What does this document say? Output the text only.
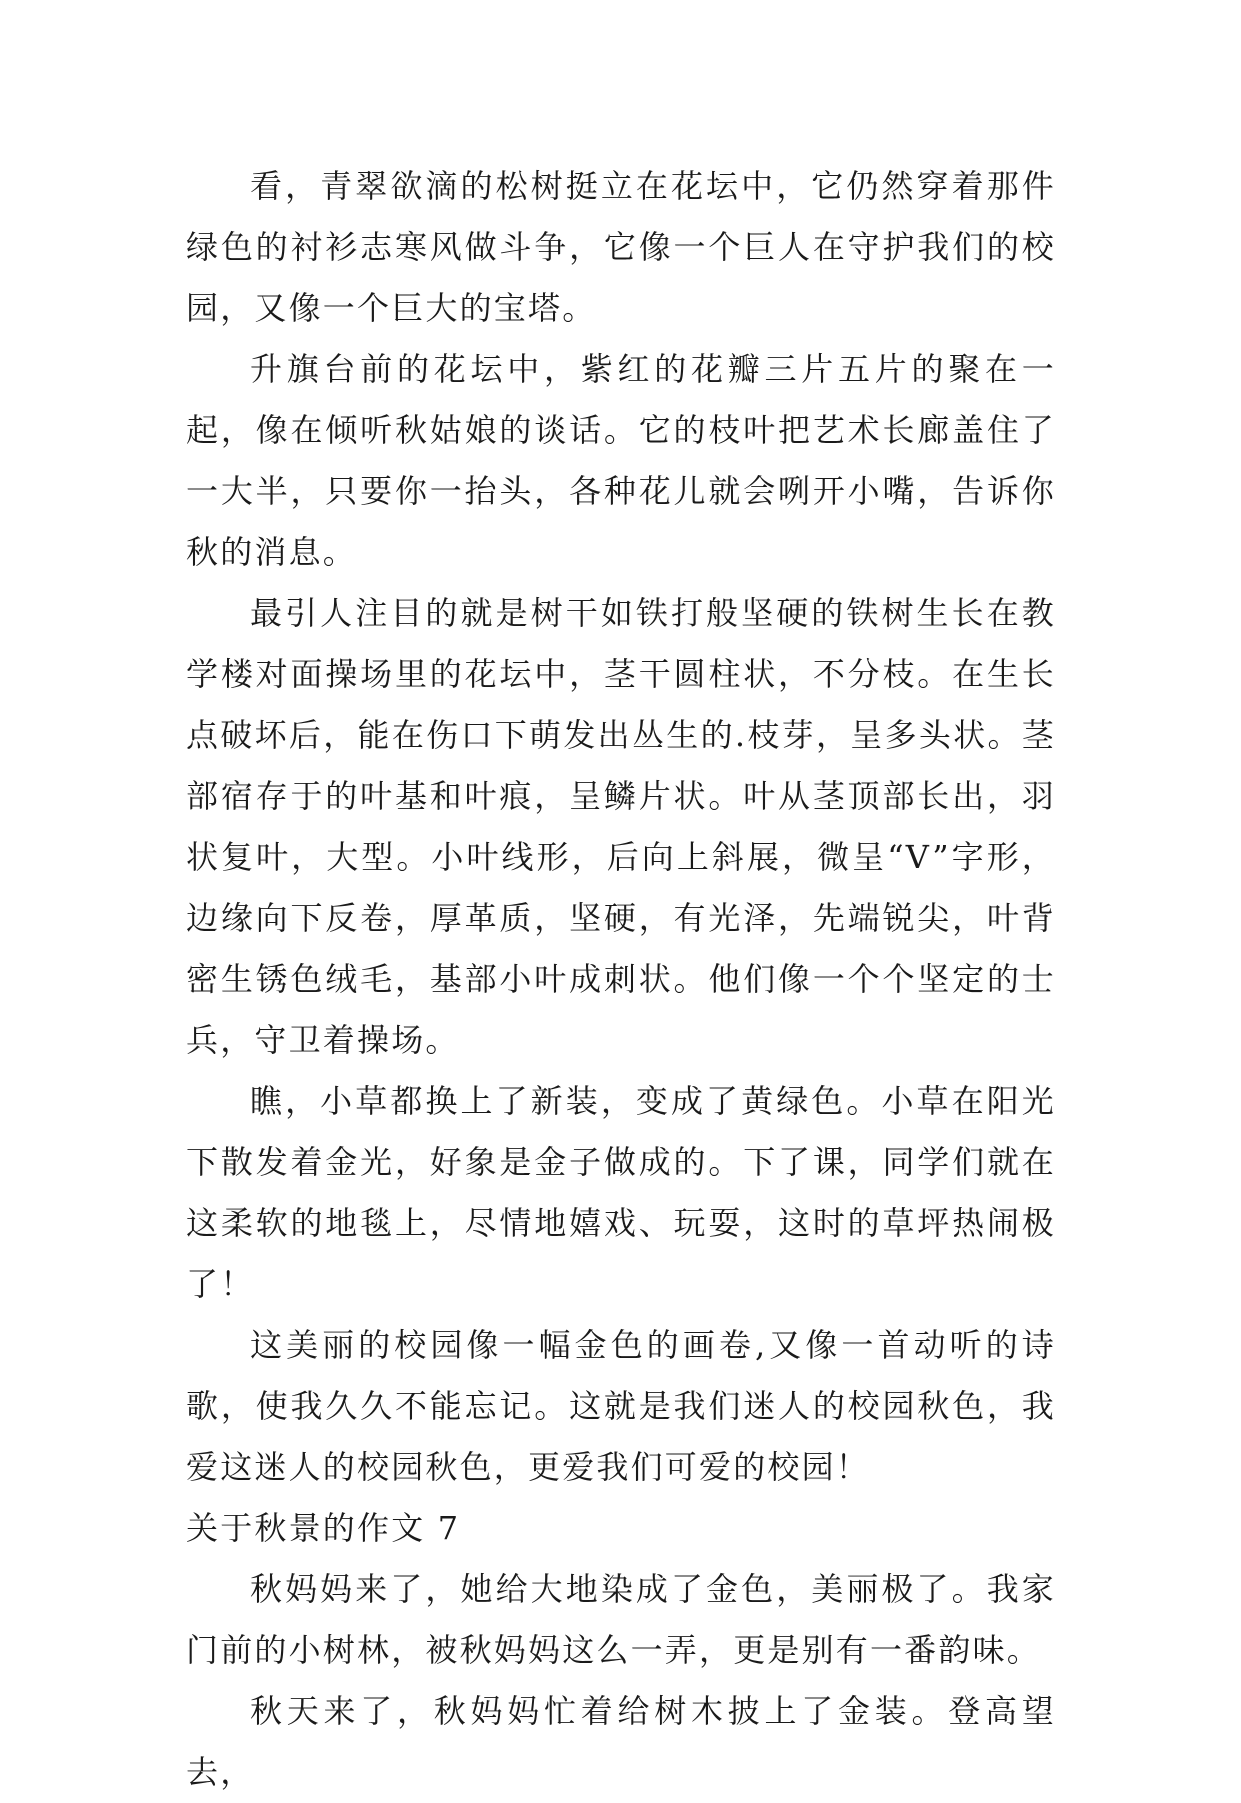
看，青翠欲滴的松树挺立在花坛中，它仍然穿着那件绿色的衬衫志寒风做斗争，它像一个巨人在守护我们的校园，又像一个巨大的宝塔。

升旗台前的花坛中，紫红的花瓣三片五片的聚在一起，像在倾听秋姑娘的谈话。它的枝叶把艺术长廊盖住了一大半，只要你一抬头，各种花儿就会咧开小嘴，告诉你秋的消息。

最引人注目的就是树干如铁打般坚硬的铁树生长在教学楼对面操场里的花坛中，茎干圆柱状，不分枝。在生长点破坏后，能在伤口下萌发出丛生的.枝芽，呈多头状。茎部宿存于的叶基和叶痕，呈鳞片状。叶从茎顶部长出，羽状复叶，大型。小叶线形，后向上斜展，微呈“V”字形，边缘向下反卷，厚革质，坚硬，有光泽，先端锐尖，叶背密生锈色绒毛，基部小叶成刺状。他们像一个个坚定的士兵，守卫着操场。

瞧，小草都换上了新装，变成了黄绿色。小草在阳光下散发着金光，好象是金子做成的。下了课，同学们就在这柔软的地毯上，尽情地嬉戏、玩耍，这时的草坪热闹极了！

这美丽的校园像一幅金色的画卷,又像一首动听的诗歌，使我久久不能忘记。这就是我们迷人的校园秋色，我爱这迷人的校园秋色，更爱我们可爱的校园！

关于秋景的作文 7

秋妈妈来了，她给大地染成了金色，美丽极了。我家门前的小树林，被秋妈妈这么一弄，更是别有一番韵味。

秋天来了，秋妈妈忙着给树木披上了金装。登高望去，
